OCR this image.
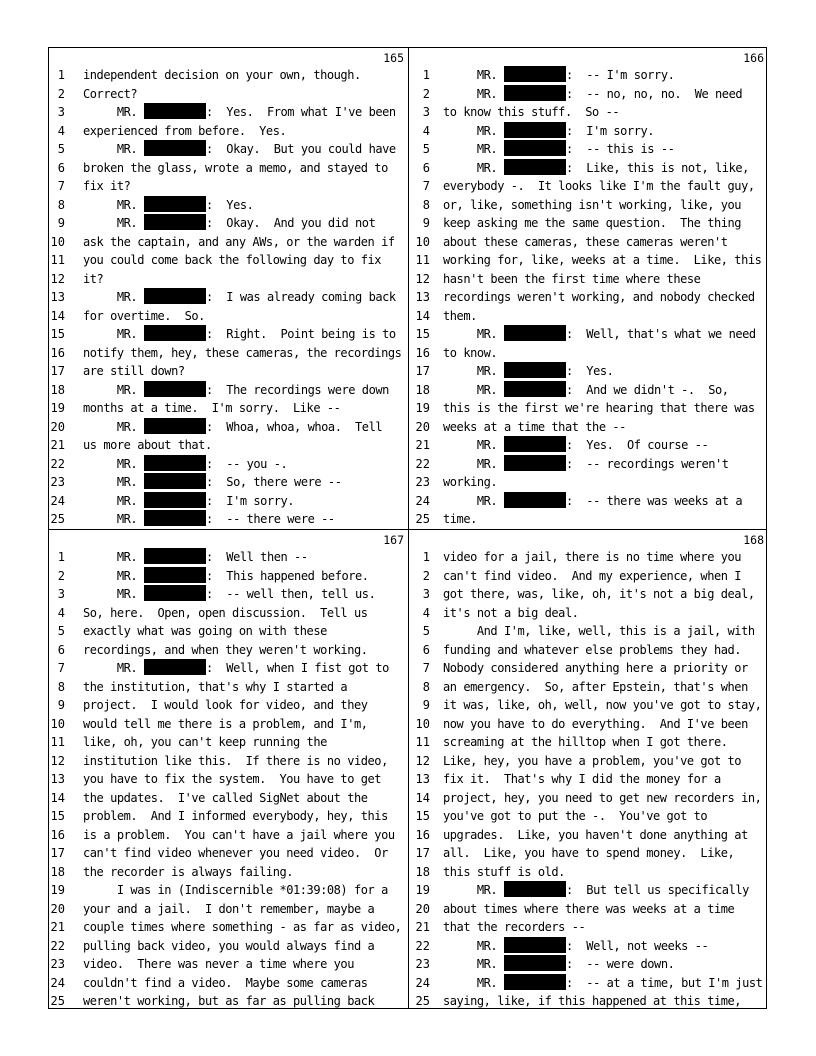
165
1 independent decision on your own, though.
2 Correct?
3 MR.	:  Yes.  From what I've been
4 experienced from before.  Yes.
5 MR.	:  Okay.  But you could have
6 broken the glass, wrote a memo, and stayed to
7 fix it?
8 MR.	:  Yes.
9 MR.	:  Okay.  And you did not
10 ask the captain, and any AWs, or the warden if
11 you could come back the following day to fix
12 it?
13 MR.	:  I was already coming back
14 for overtime.  So.
15 MR.	:  Right.  Point being is to
16 notify them, hey, these cameras, the recordings
17 are still down?
18 MR.	:  The recordings were down
19 months at a time.  I'm sorry.  Like --
20 MR.	:  Whoa, whoa, whoa.  Tell
21 us more about that.
22 MR.	:  -- you -.
23 MR.	:  So, there were --
24 MR.	:  I'm sorry.
25 MR.	:  -- there were --
166
1 MR.	:  -- I'm sorry.
2 MR.	:  -- no, no, no.  We need
3 to know this stuff.  So --
4 MR.	:  I'm sorry.
5 MR.	:  -- this is --
6 MR.	:  Like, this is not, like,
7 everybody -.  It looks like I'm the fault guy,
8 or, like, something isn't working, like, you
9 keep asking me the same question.  The thing
10 about these cameras, these cameras weren't
11 working for, like, weeks at a time.  Like, this
12 hasn't been the first time where these
13 recordings weren't working, and nobody checked
14 them.
15 MR.	:  Well, that's what we need
16 to know.
17 MR.	:  Yes.
18 MR.	:  And we didn't -.  So,
19 this is the first we're hearing that there was
20 weeks at a time that the --
21 MR.	:  Yes.  Of course --
22 MR.	:  -- recordings weren't
23 working.
24 MR.	:  -- there was weeks at a
25 time.
167
1 MR.	:  Well then --
2 MR.	:  This happened before.
3 MR.	:  -- well then, tell us.
4 So, here.  Open, open discussion.  Tell us
5 exactly what was going on with these
6 recordings, and when they weren't working.
7 MR.	:  Well, when I fist got to
8 the institution, that's why I started a
9 project.  I would look for video, and they
10 would tell me there is a problem, and I'm,
11 like, oh, you can't keep running the
12 institution like this.  If there is no video,
13 you have to fix the system.  You have to get
14 the updates.  I've called SigNet about the
15 problem.  And I informed everybody, hey, this
16 is a problem.  You can't have a jail where you
17 can't find video whenever you need video.  Or
18 the recorder is always failing.
19 I was in (Indiscernible *01:39:08) for a
20 your and a jail.  I don't remember, maybe a
21 couple times where something - as far as video,
22 pulling back video, you would always find a
23 video.  There was never a time where you
24 couldn't find a video.  Maybe some cameras
25 weren't working, but as far as pulling back
168
1 video for a jail, there is no time where you
2 can't find video.  And my experience, when I
3 got there, was, like, oh, it's not a big deal,
4 it's not a big deal.
5 And I'm, like, well, this is a jail, with
6 funding and whatever else problems they had.
7 Nobody considered anything here a priority or
8 an emergency.  So, after Epstein, that's when
9 it was, like, oh, well, now you've got to stay,
10 now you have to do everything.  And I've been
11 screaming at the hilltop when I got there.
12 Like, hey, you have a problem, you've got to
13 fix it.  That's why I did the money for a
14 project, hey, you need to get new recorders in,
15 you've got to put the -.  You've got to
16 upgrades.  Like, you haven't done anything at
17 all.  Like, you have to spend money.  Like,
18 this stuff is old.
19 MR.	:  But tell us specifically
20 about times where there was weeks at a time
21 that the recorders --
22 MR.	:  Well, not weeks --
23 MR.	:  -- were down.
24 MR.	:  -- at a time, but I'm just
25 saying, like, if this happened at this time,
